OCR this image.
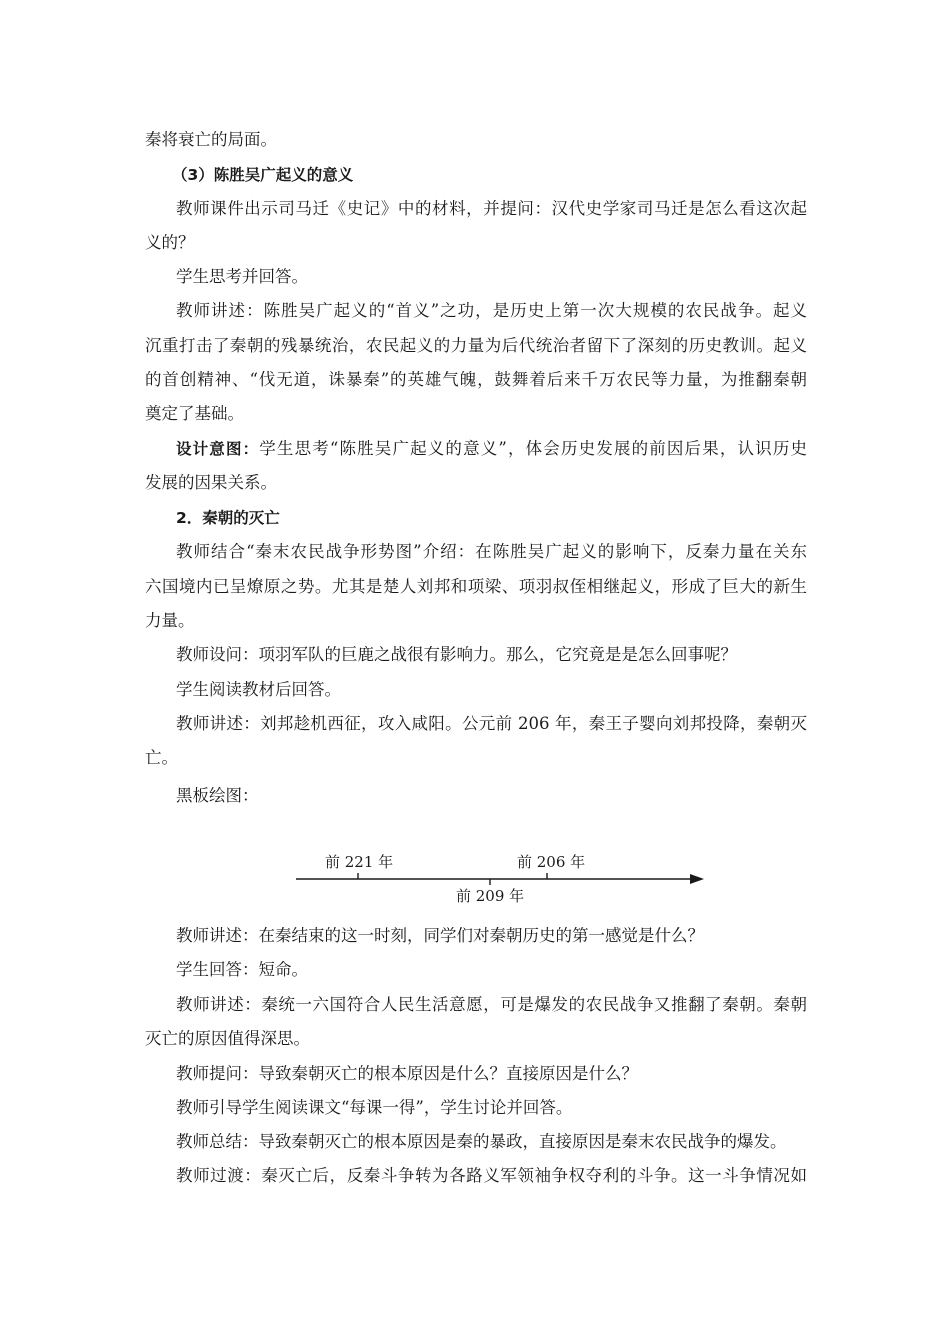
秦将衰亡的局面。
（3）陈胜吴广起义的意义
教师课件出示司马迁《史记》中的材料，并提问：汉代史学家司马迁是怎么看这次起
义的？
学生思考并回答。
教师讲述：陈胜吴广起义的“首义”之功，是历史上第一次大规模的农民战争。起义
沉重打击了秦朝的残暴统治，农民起义的力量为后代统治者留下了深刻的历史教训。起义
的首创精神、“伐无道，诛暴秦”的英雄气魄，鼓舞着后来千万农民等力量，为推翻秦朝
奠定了基础。
设计意图：学生思考“陈胜吴广起义的意义”，体会历史发展的前因后果，认识历史
发展的因果关系。
2．秦朝的灭亡
教师结合“秦末农民战争形势图”介绍：在陈胜吴广起义的影响下，反秦力量在关东
六国境内已呈燎原之势。尤其是楚人刘邦和项梁、项羽叔侄相继起义，形成了巨大的新生
力量。
教师设问：项羽军队的巨鹿之战很有影响力。那么，它究竟是是怎么回事呢？
学生阅读教材后回答。
教师讲述：刘邦趁机西征，攻入咸阳。公元前 206 年，秦王子婴向刘邦投降，秦朝灭
亡。
黑板绘图：
前 221 年	前 206 年
前 209 年
教师讲述：在秦结束的这一时刻，同学们对秦朝历史的第一感觉是什么？
学生回答：短命。
教师讲述：秦统一六国符合人民生活意愿，可是爆发的农民战争又推翻了秦朝。秦朝
灭亡的原因值得深思。
教师提问：导致秦朝灭亡的根本原因是什么？直接原因是什么？
教师引导学生阅读课文“每课一得”，学生讨论并回答。
教师总结：导致秦朝灭亡的根本原因是秦的暴政，直接原因是秦末农民战争的爆发。
教师过渡：秦灭亡后，反秦斗争转为各路义军领袖争权夺利的斗争。这一斗争情况如
